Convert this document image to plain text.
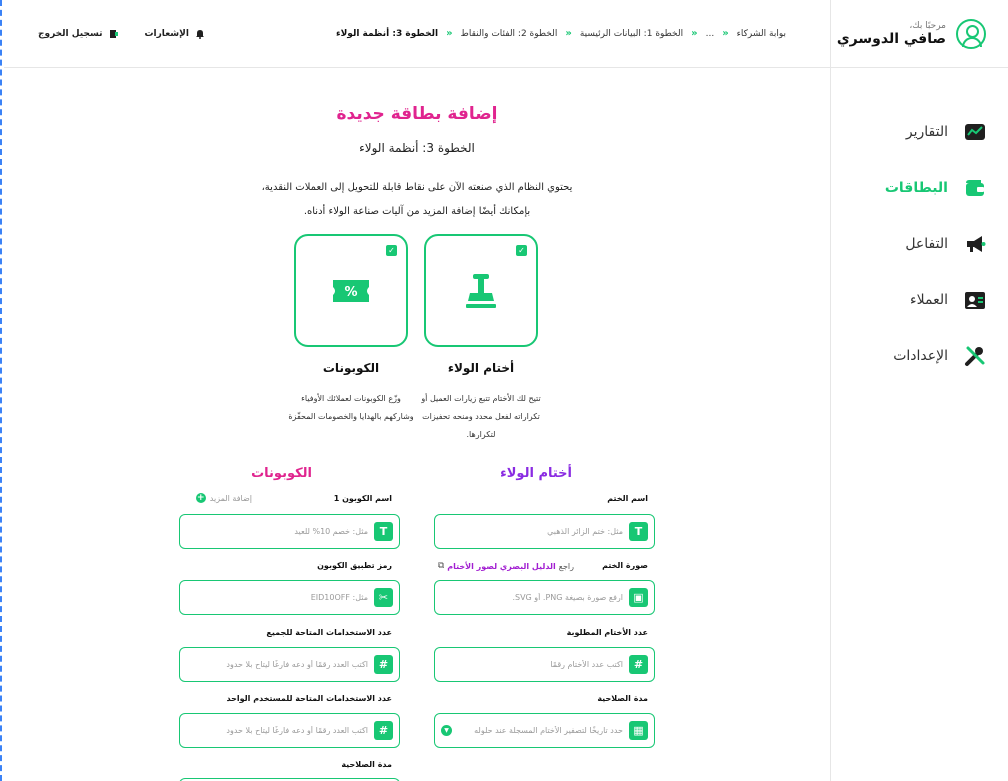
مرحبًا بك،
صافي الدوسري
التقارير
البطاقات
التفاعل
العملاء
الإعدادات
بوابة الشركاء
«
...
«
الخطوة 1: البيانات الرئيسية
«
الخطوة 2: الفئات والنقاط
«
الخطوة 3: أنظمة الولاء
الإشعارات
تسجيل الخروج
إضافة بطاقة جديدة
الخطوة 3: أنظمة الولاء
يحتوي النظام الذي صنعته الآن على نقاط قابلة للتحويل إلى العملات النقدية،
بإمكانك أيضًا إضافة المزيد من آليات صناعة الولاء أدناه.
✓
✓
%
أختام الولاء
الكوبونات
تتيح لك الأختام تتبع زيارات العميل أو تكراراته لفعل محدد ومنحه تحفيزات لتكرارها.
وزّع الكوبونات لعملائك الأوفياء وشاركهم بالهدايا والخصومات المحفّزة
أختام الولاء
اسم الختم
T
مثل: ختم الزائر الذهبي
صورة الختم
راجع
الدليل البصري لصور الأختام
⧉
▣
ارفع صورة بصيغة PNG. أو SVG.
عدد الأختام المطلوبة
#
اكتب عدد الأختام رقمًا
مدة الصلاحية
▦
حدد تاريخًا لتصفير الأختام المسجلة عند حلوله
▼
الكوبونات
اسم الكوبون 1
إضافة المزيد
+
T
مثل: خصم 10% للعيد
رمز تطبيق الكوبون
✂
مثل: EID10OFF
عدد الاستخدامات المتاحة للجميع
#
اكتب العدد رقمًا أو دعه فارغًا ليتاح بلا حدود
عدد الاستخدامات المتاحة للمستخدم الواحد
#
اكتب العدد رقمًا أو دعه فارغًا ليتاح بلا حدود
مدة الصلاحية
